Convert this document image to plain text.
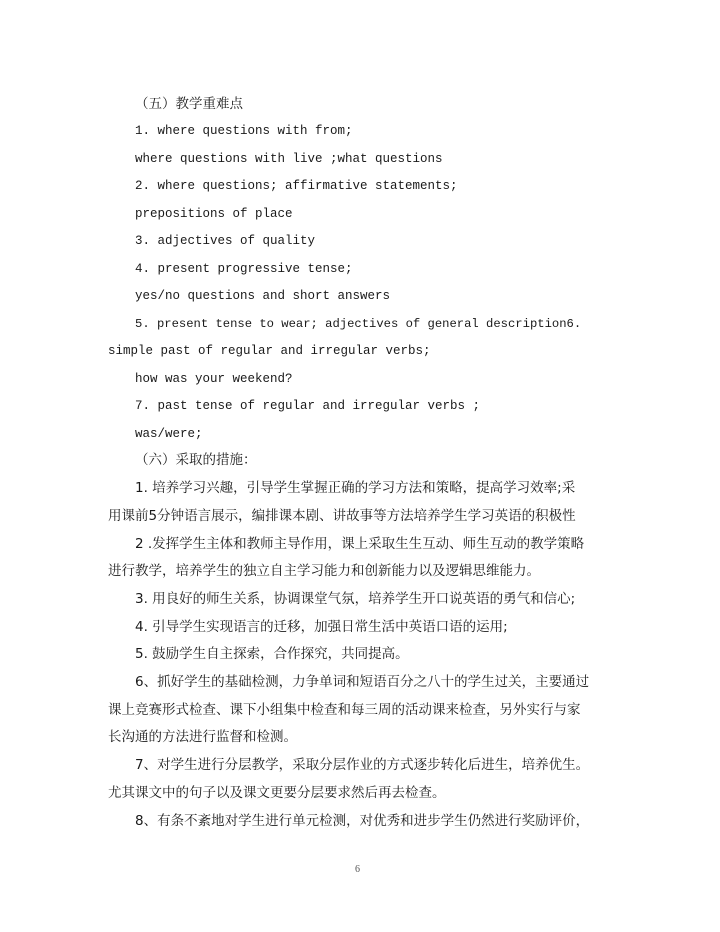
（五）教学重难点
1. where questions with from;
where questions with live ;what questions
2. where questions; affirmative statements;
prepositions of place
3. adjectives of quality
4. present progressive tense;
yes/no questions and short answers
5. present tense to wear; adjectives of general description6.
simple past of regular and irregular verbs;
how was your weekend?
7. past tense of regular and irregular verbs ;
was/were;
（六）采取的措施：
1. 培养学习兴趣，引导学生掌握正确的学习方法和策略，提高学习效率;采
用课前5分钟语言展示，编排课本剧、讲故事等方法培养学生学习英语的积极性
2 .发挥学生主体和教师主导作用，课上采取生生互动、师生互动的教学策略
进行教学，培养学生的独立自主学习能力和创新能力以及逻辑思维能力。
3. 用良好的师生关系，协调课堂气氛，培养学生开口说英语的勇气和信心;
4. 引导学生实现语言的迁移，加强日常生活中英语口语的运用;
5. 鼓励学生自主探索，合作探究，共同提高。
6、抓好学生的基础检测，力争单词和短语百分之八十的学生过关，主要通过
课上竞赛形式检查、课下小组集中检查和每三周的活动课来检查，另外实行与家
长沟通的方法进行监督和检测。
7、对学生进行分层教学，采取分层作业的方式逐步转化后进生，培养优生。
尤其课文中的句子以及课文更要分层要求然后再去检查。
8、有条不紊地对学生进行单元检测，对优秀和进步学生仍然进行奖励评价，
6
